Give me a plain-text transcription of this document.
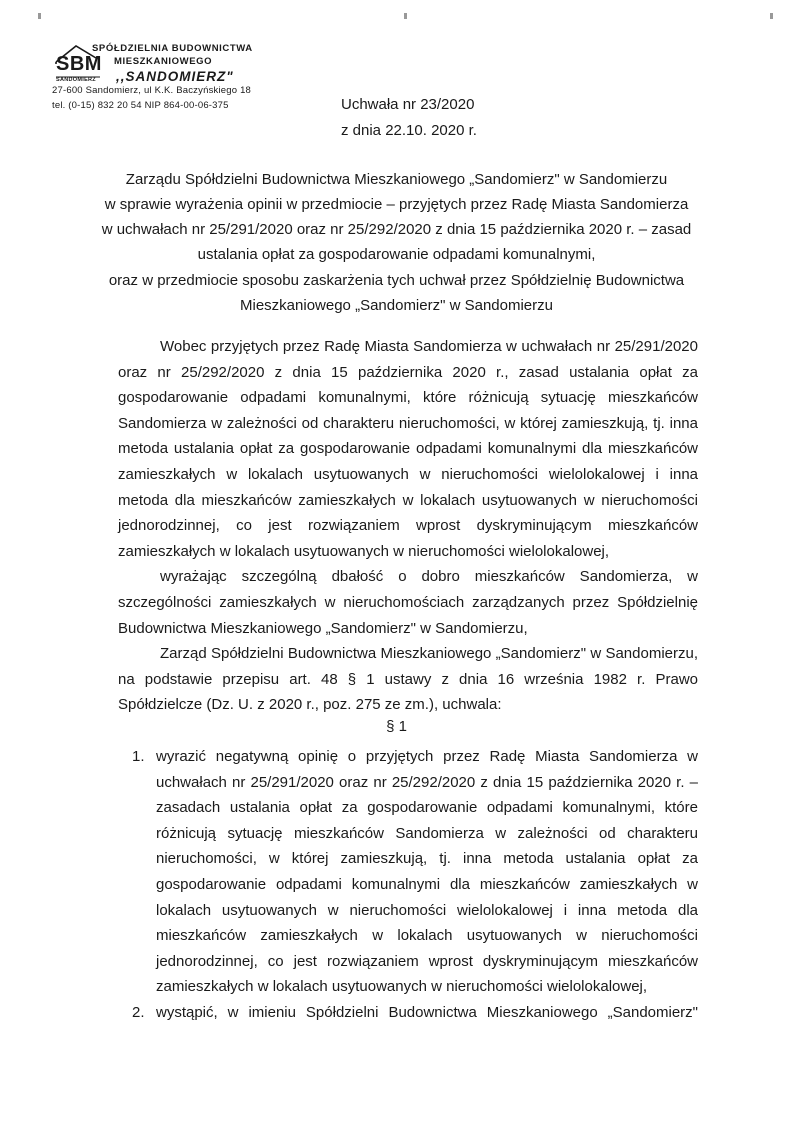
SPÓŁDZIELNIA BUDOWNICTWA
SBM MIESZKANIOWEGO
SANDOMIERZ ,,SANDOMIERZ"
27-600 Sandomierz, ul K.K. Baczyńskiego 18
tel. (0-15) 832 20 54 NIP 864-00-06-375	Uchwała nr 23/2020
z dnia 22.10. 2020 r.
Zarządu Spółdzielni Budownictwa Mieszkaniowego „Sandomierz" w Sandomierzu
w sprawie wyrażenia opinii w przedmiocie – przyjętych przez Radę Miasta Sandomierza
w uchwałach nr 25/291/2020 oraz nr 25/292/2020 z dnia 15 października 2020 r. – zasad
ustalania opłat za gospodarowanie odpadami komunalnymi,
oraz w przedmiocie sposobu zaskarżenia tych uchwał przez Spółdzielnię Budownictwa
Mieszkaniowego „Sandomierz" w Sandomierzu

Wobec przyjętych przez Radę Miasta Sandomierza w uchwałach nr 25/291/2020 oraz nr 25/292/2020 z dnia 15 października 2020 r., zasad ustalania opłat za gospodarowanie odpadami komunalnymi, które różnicują sytuację mieszkańców Sandomierza w zależności od charakteru nieruchomości, w której zamieszkują, tj. inna metoda ustalania opłat za gospodarowanie odpadami komunalnymi dla mieszkańców zamieszkałych w lokalach usytuowanych w nieruchomości wielolokalowej i inna metoda dla mieszkańców zamieszkałych w lokalach usytuowanych w nieruchomości jednorodzinnej, co jest rozwiązaniem wprost dyskryminującym mieszkańców zamieszkałych w lokalach usytuowanych w nieruchomości wielolokalowej,

wyrażając szczególną dbałość o dobro mieszkańców Sandomierza, w szczególności zamieszkałych w nieruchomościach zarządzanych przez Spółdzielnię Budownictwa Mieszkaniowego „Sandomierz" w Sandomierzu,

Zarząd Spółdzielni Budownictwa Mieszkaniowego „Sandomierz" w Sandomierzu, na podstawie przepisu art. 48 § 1 ustawy z dnia 16 września 1982 r. Prawo Spółdzielcze (Dz. U. z 2020 r., poz. 275 ze zm.), uchwala:

§ 1
1. wyrazić negatywną opinię o przyjętych przez Radę Miasta Sandomierza w uchwałach nr 25/291/2020 oraz nr 25/292/2020 z dnia 15 października 2020 r. – zasadach ustalania opłat za gospodarowanie odpadami komunalnymi, które różnicują sytuację mieszkańców Sandomierza w zależności od charakteru nieruchomości, w której zamieszkują, tj. inna metoda ustalania opłat za gospodarowanie odpadami komunalnymi dla mieszkańców zamieszkałych w lokalach usytuowanych w nieruchomości wielolokalowej i inna metoda dla mieszkańców zamieszkałych w lokalach usytuowanych w nieruchomości jednorodzinnej, co jest rozwiązaniem wprost dyskryminującym mieszkańców zamieszkałych w lokalach usytuowanych w nieruchomości wielolokalowej,
2. wystąpić, w imieniu Spółdzielni Budownictwa Mieszkaniowego „Sandomierz"
